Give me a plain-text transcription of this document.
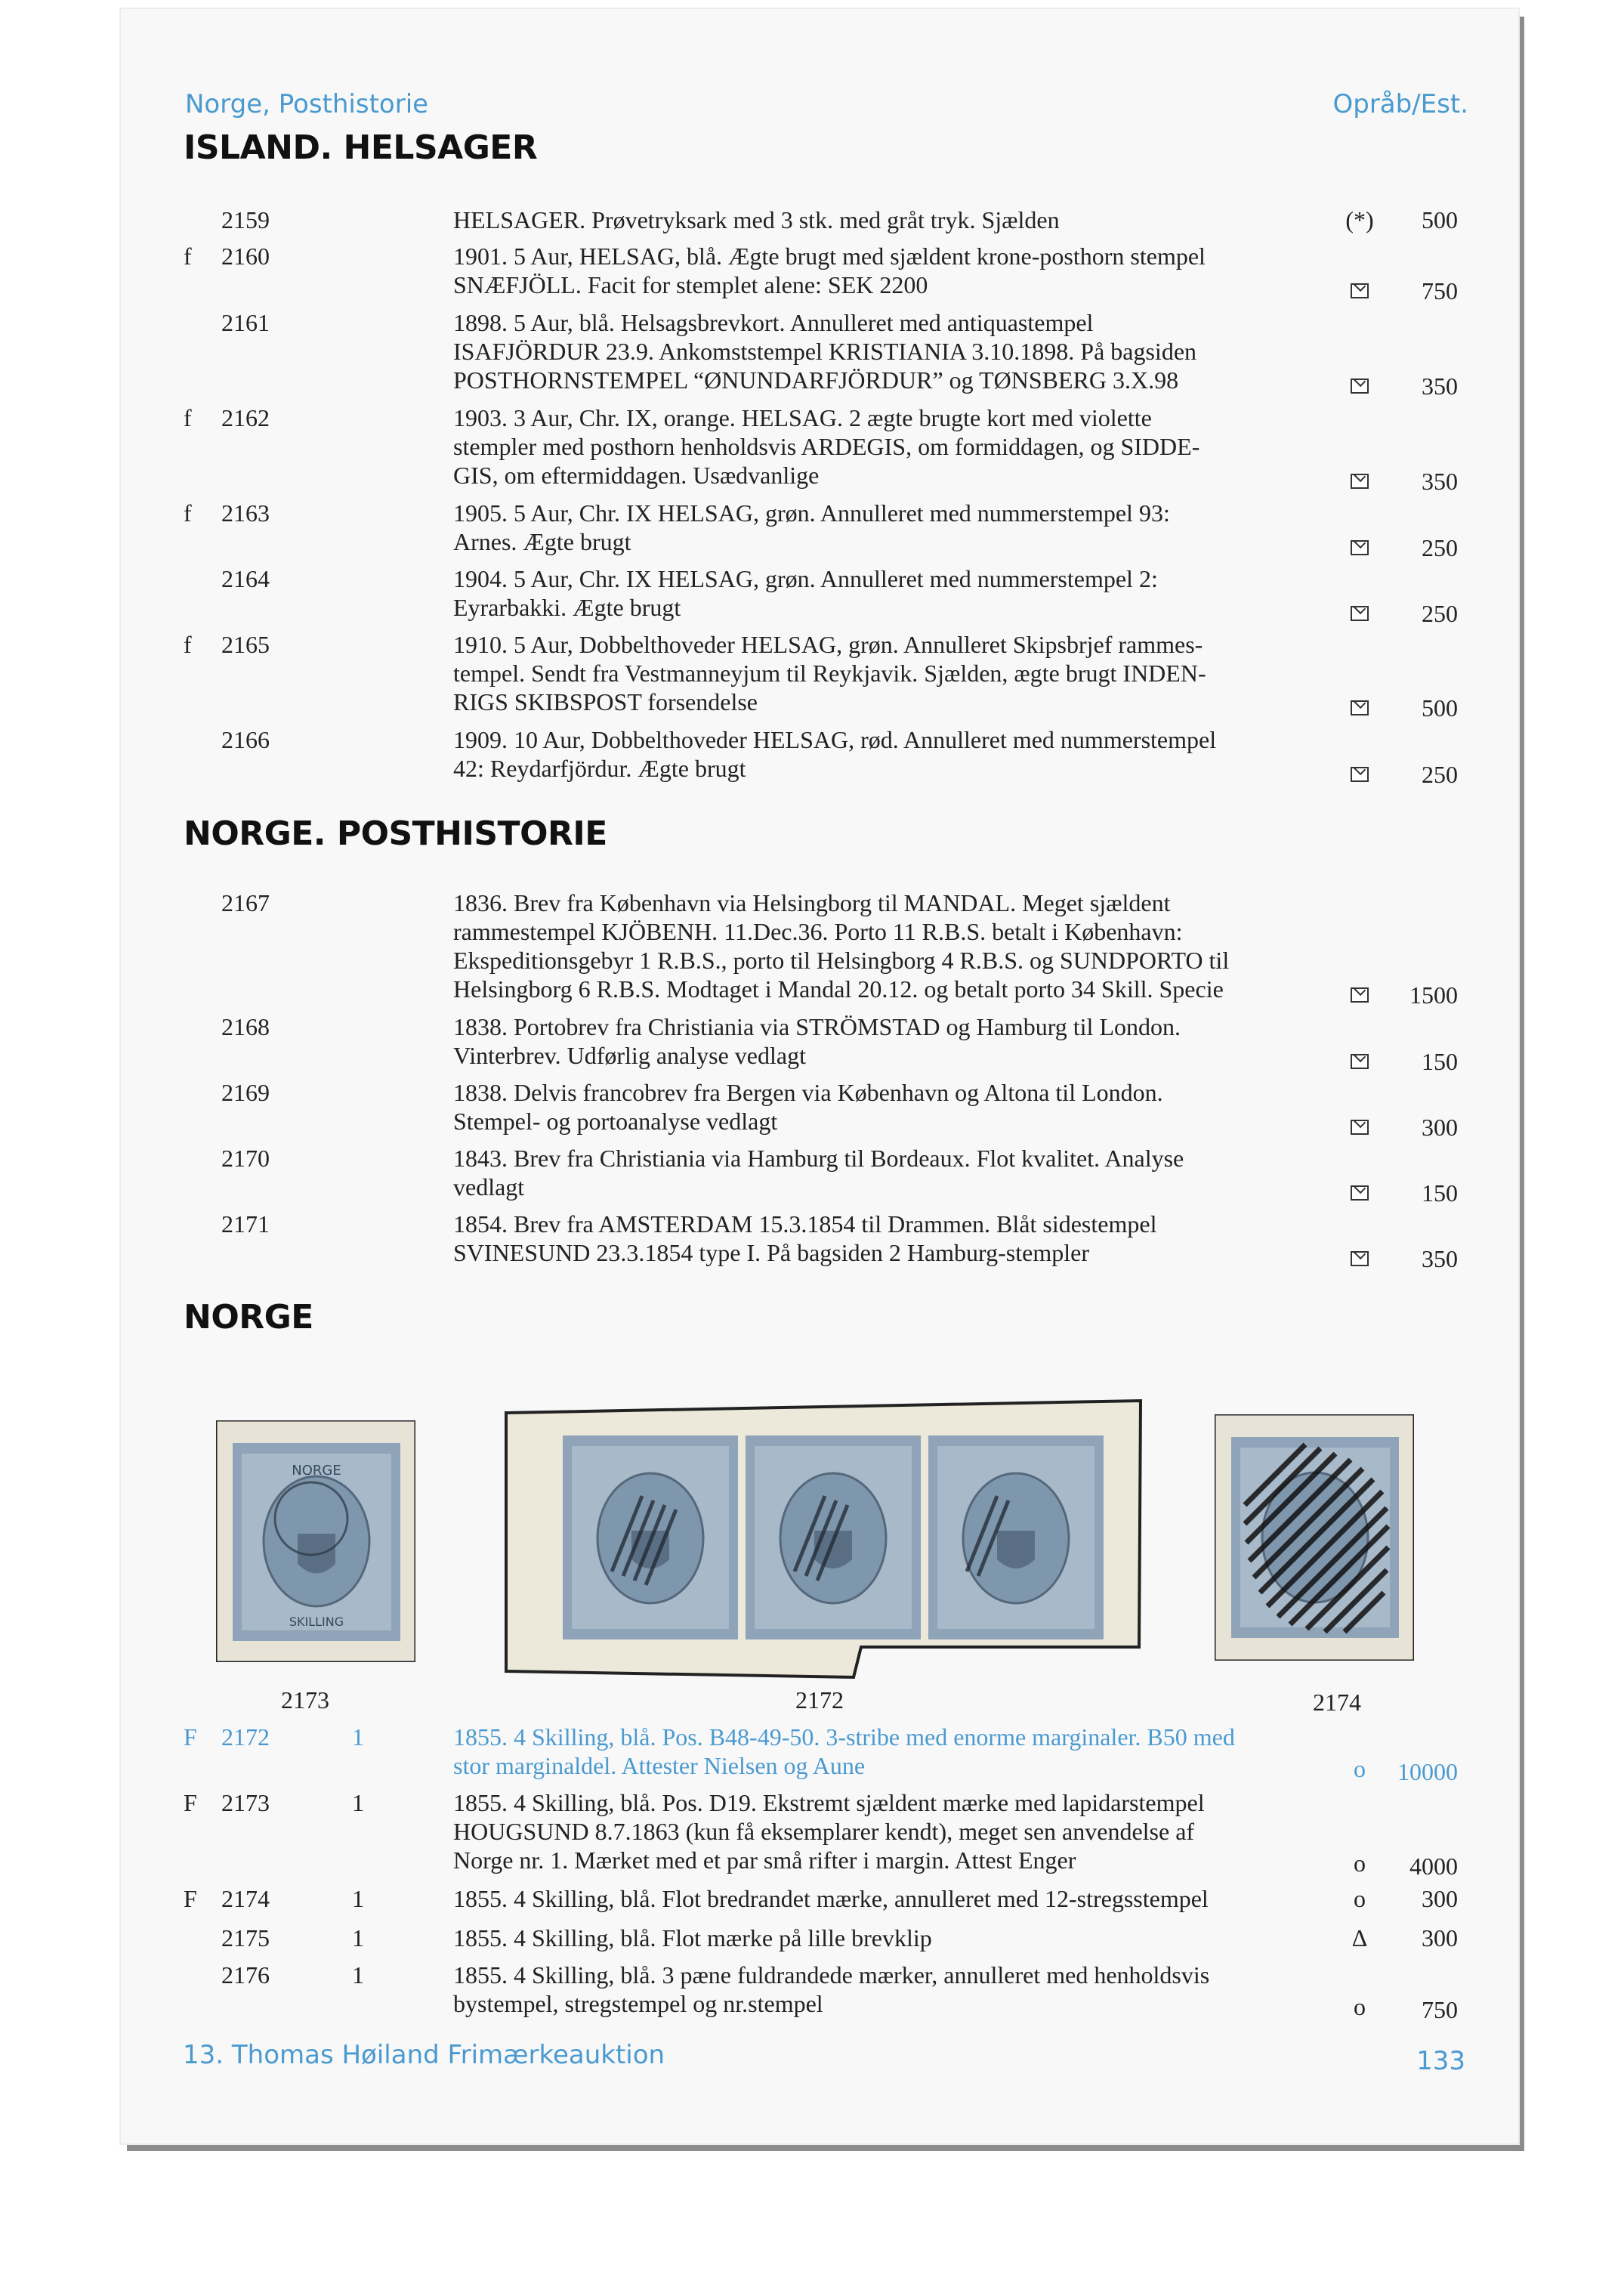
Norge, Posthistorie	Opråb/Est.
ISLAND. HELSAGER
2159	HELSAGER. Prøvetryksark med 3 stk. med gråt tryk. Sjælden	(*) 500
f 2160	1901. 5 Aur, HELSAG, blå. Ægte brugt med sjældent krone-posthorn stempel
SNÆFJÖLL. Facit for stemplet alene: SEK 2200	750
2161	1898. 5 Aur, blå. Helsagsbrevkort. Annulleret med antiquastempel
ISAFJÖRDUR 23.9. Ankomststempel KRISTIANIA 3.10.1898. På bagsiden
POSTHORNSTEMPEL “ØNUNDARFJÖRDUR” og TØNSBERG 3.X.98	350
f 2162	1903. 3 Aur, Chr. IX, orange. HELSAG. 2 ægte brugte kort med violette
stempler med posthorn henholdsvis ARDEGIS, om formiddagen, og SIDDE-
GIS, om eftermiddagen. Usædvanlige	350
f 2163	1905. 5 Aur, Chr. IX HELSAG, grøn. Annulleret med nummerstempel 93:
Arnes. Ægte brugt	250
2164	1904. 5 Aur, Chr. IX HELSAG, grøn. Annulleret med nummerstempel 2:
Eyrarbakki. Ægte brugt	250
f 2165	1910. 5 Aur, Dobbelthoveder HELSAG, grøn. Annulleret Skipsbrjef rammes-
tempel. Sendt fra Vestmanneyjum til Reykjavik. Sjælden, ægte brugt INDEN-
RIGS SKIBSPOST forsendelse	500
2166	1909. 10 Aur, Dobbelthoveder HELSAG, rød. Annulleret med nummerstempel
42: Reydarfjördur. Ægte brugt	250
NORGE. POSTHISTORIE
2167	1836. Brev fra København via Helsingborg til MANDAL. Meget sjældent
rammestempel KJÖBENH. 11.Dec.36. Porto 11 R.B.S. betalt i København:
Ekspeditionsgebyr 1 R.B.S., porto til Helsingborg 4 R.B.S. og SUNDPORTO til
Helsingborg 6 R.B.S. Modtaget i Mandal 20.12. og betalt porto 34 Skill. Specie	1500
2168	1838. Portobrev fra Christiania via STRÖMSTAD og Hamburg til London.
Vinterbrev. Udførlig analyse vedlagt	150
2169	1838. Delvis francobrev fra Bergen via København og Altona til London.
Stempel- og portoanalyse vedlagt	300
2170	1843. Brev fra Christiania via Hamburg til Bordeaux. Flot kvalitet. Analyse
vedlagt	150
2171	1854. Brev fra AMSTERDAM 15.3.1854 til Drammen. Blåt sidestempel
SVINESUND 23.3.1854 type I. På bagsiden 2 Hamburg-stempler	350
NORGE
NORGE
SKILLING
2173	2172	2174
F 2172	1	1855. 4 Skilling, blå. Pos. B48-49-50. 3-stribe med enorme marginaler. B50 med
stor marginaldel. Attester Nielsen og Aune	o	10000
F 2173	1	1855. 4 Skilling, blå. Pos. D19. Ekstremt sjældent mærke med lapidarstempel
HOUGSUND 8.7.1863 (kun få eksemplarer kendt), meget sen anvendelse af
Norge nr. 1. Mærket med et par små rifter i margin. Attest Enger	o	4000
F 2174	1	1855. 4 Skilling, blå. Flot bredrandet mærke, annulleret med 12-stregsstempel	o	300
2175	1	1855. 4 Skilling, blå. Flot mærke på lille brevklip	Δ	300
2176	1	1855. 4 Skilling, blå. 3 pæne fuldrandede mærker, annulleret med henholdsvis
bystempel, stregstempel og nr.stempel	o	750
13. Thomas Høiland Frimærkeauktion	133
